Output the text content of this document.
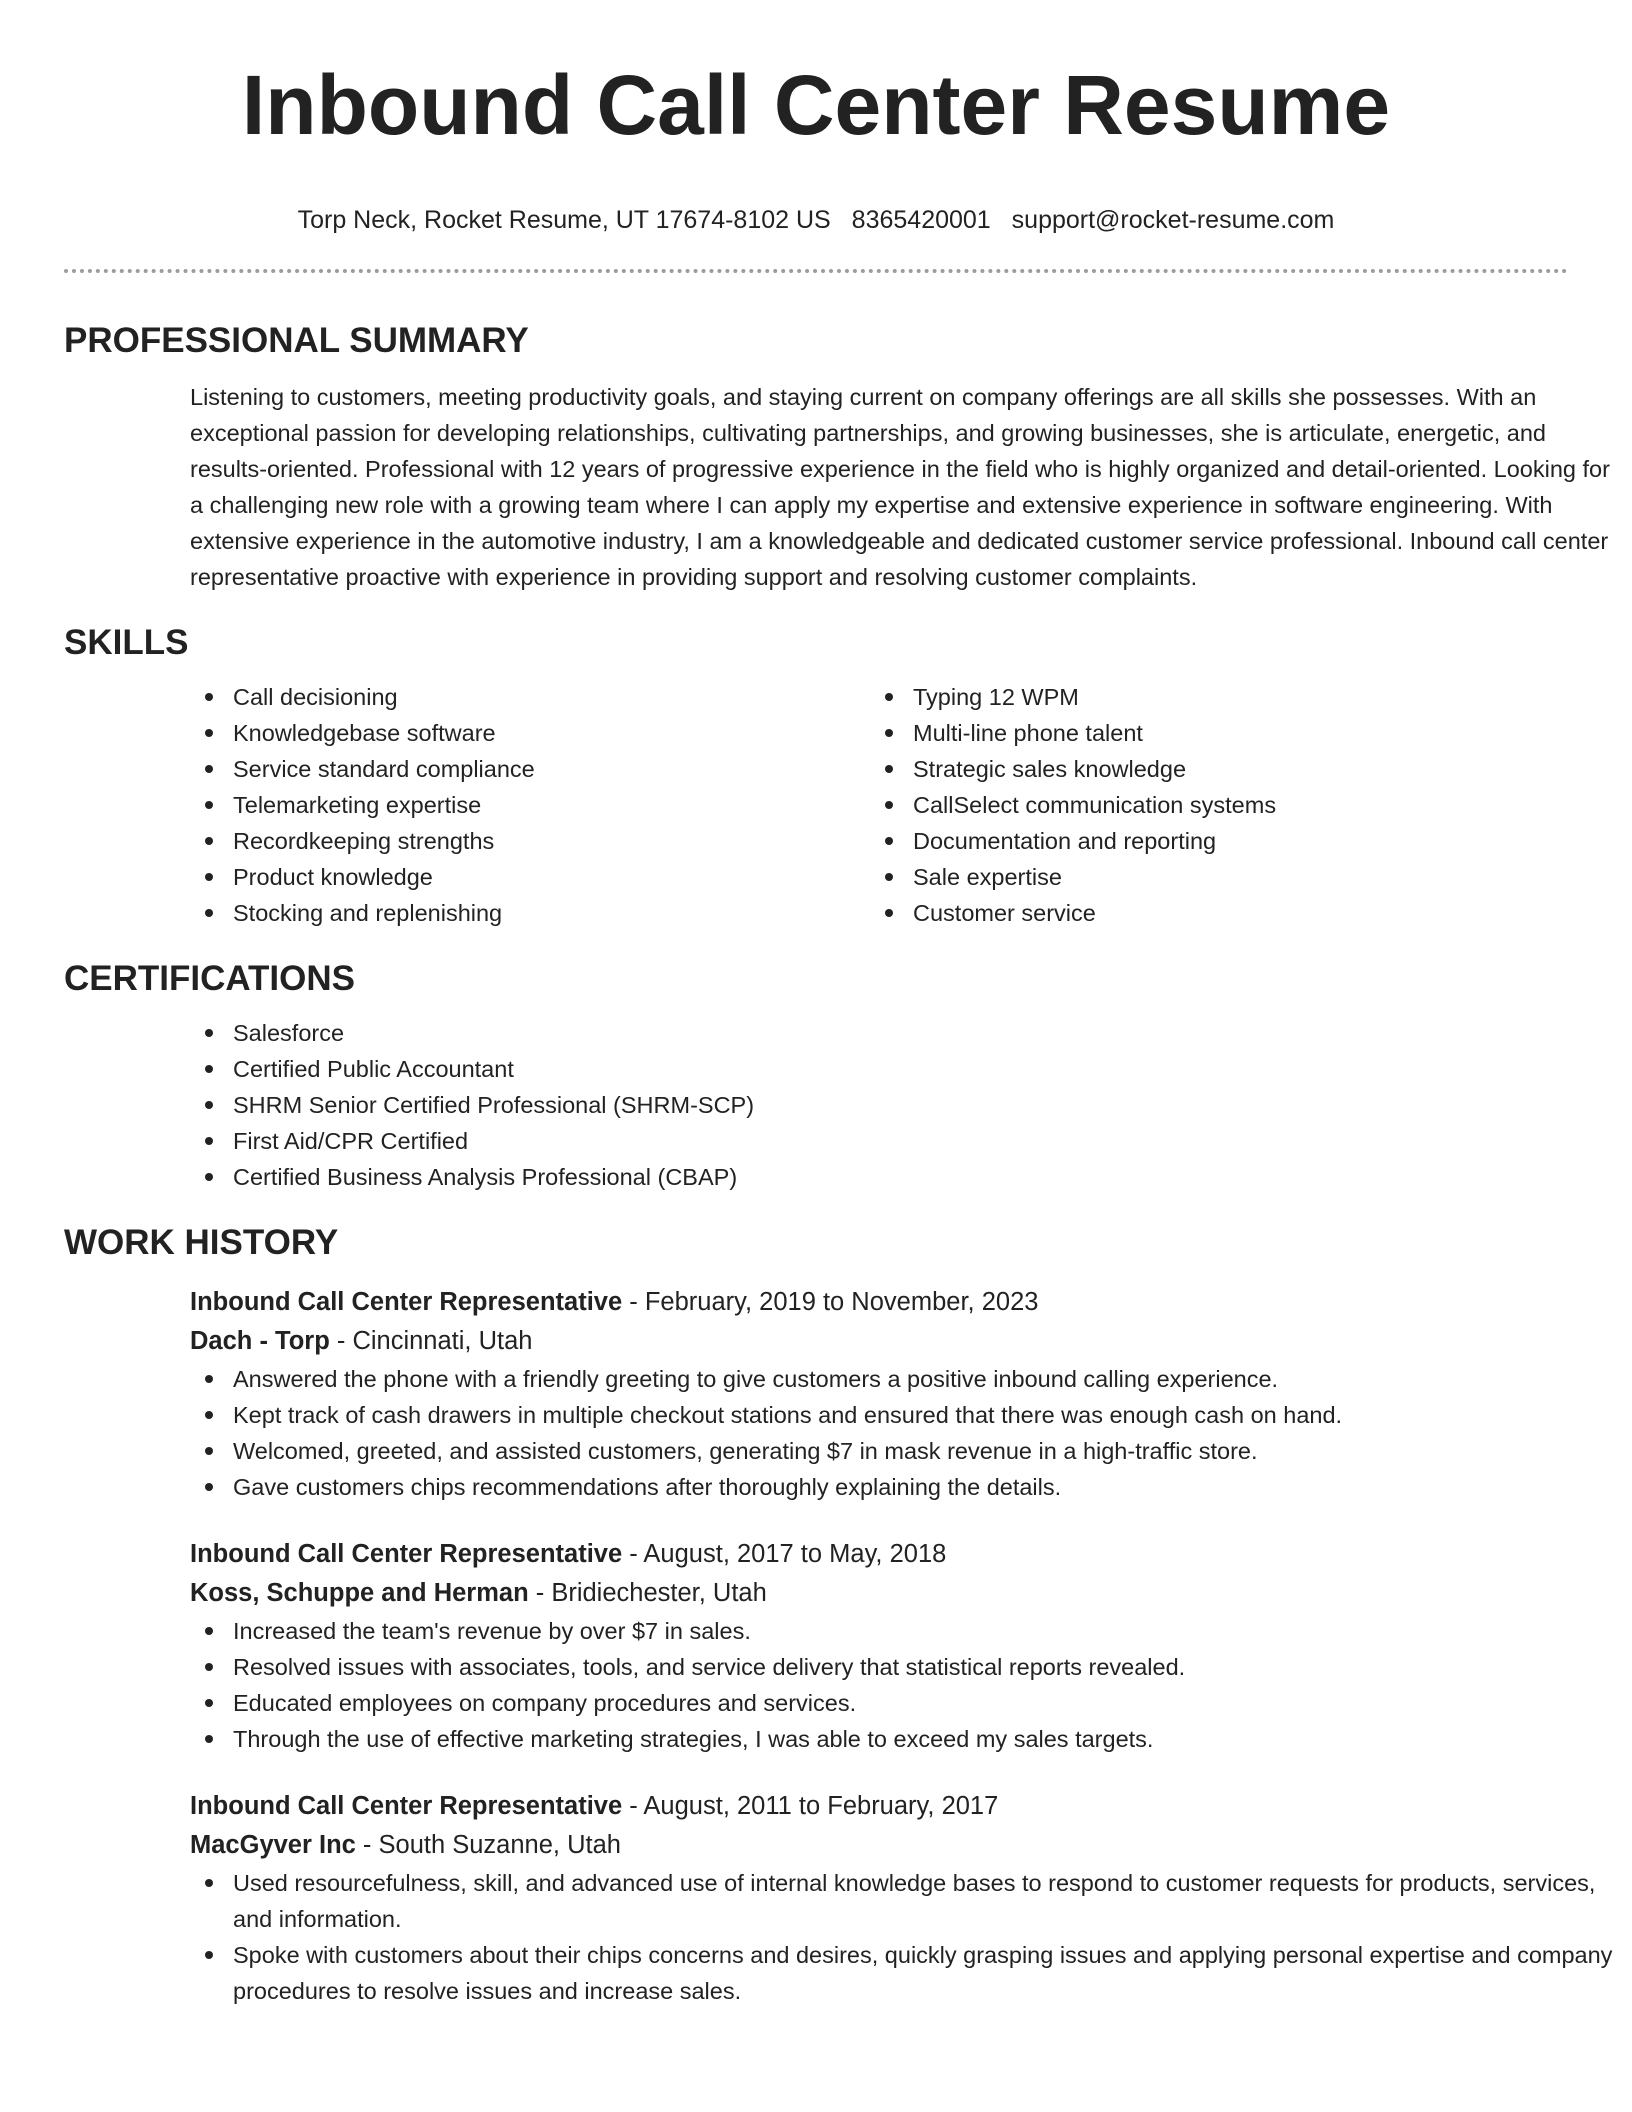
Inbound Call Center Resume
Torp Neck, Rocket Resume, UT 17674-8102 US 8365420001 support@rocket-resume.com
PROFESSIONAL SUMMARY
Listening to customers, meeting productivity goals, and staying current on company offerings are all skills she possesses. With an exceptional passion for developing relationships, cultivating partnerships, and growing businesses, she is articulate, energetic, and results-oriented. Professional with 12 years of progressive experience in the field who is highly organized and detail-oriented. Looking for a challenging new role with a growing team where I can apply my expertise and extensive experience in software engineering. With extensive experience in the automotive industry, I am a knowledgeable and dedicated customer service professional. Inbound call center representative proactive with experience in providing support and resolving customer complaints.
SKILLS
Call decisioning
Knowledgebase software
Service standard compliance
Telemarketing expertise
Recordkeeping strengths
Product knowledge
Stocking and replenishing
Typing 12 WPM
Multi-line phone talent
Strategic sales knowledge
CallSelect communication systems
Documentation and reporting
Sale expertise
Customer service
CERTIFICATIONS
Salesforce
Certified Public Accountant
SHRM Senior Certified Professional (SHRM-SCP)
First Aid/CPR Certified
Certified Business Analysis Professional (CBAP)
WORK HISTORY
Inbound Call Center Representative - February, 2019 to November, 2023
Dach - Torp - Cincinnati, Utah
Answered the phone with a friendly greeting to give customers a positive inbound calling experience.
Kept track of cash drawers in multiple checkout stations and ensured that there was enough cash on hand.
Welcomed, greeted, and assisted customers, generating $7 in mask revenue in a high-traffic store.
Gave customers chips recommendations after thoroughly explaining the details.
Inbound Call Center Representative - August, 2017 to May, 2018
Koss, Schuppe and Herman - Bridiechester, Utah
Increased the team's revenue by over $7 in sales.
Resolved issues with associates, tools, and service delivery that statistical reports revealed.
Educated employees on company procedures and services.
Through the use of effective marketing strategies, I was able to exceed my sales targets.
Inbound Call Center Representative - August, 2011 to February, 2017
MacGyver Inc - South Suzanne, Utah
Used resourcefulness, skill, and advanced use of internal knowledge bases to respond to customer requests for products, services, and information.
Spoke with customers about their chips concerns and desires, quickly grasping issues and applying personal expertise and company procedures to resolve issues and increase sales.
